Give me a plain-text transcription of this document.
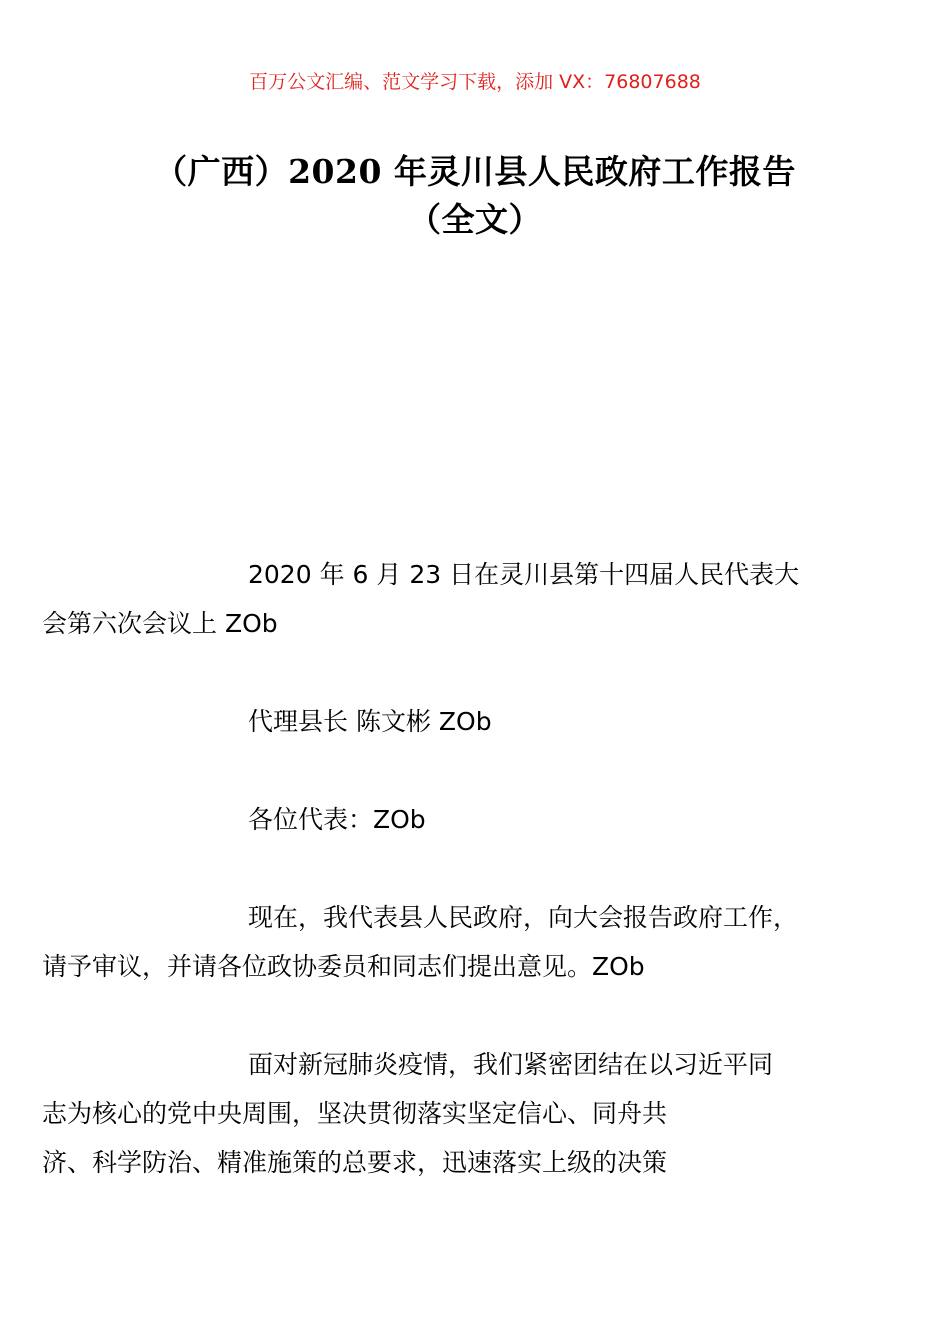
百万公文汇编、范文学习下载，添加 VX：76807688
（广西）2020 年灵川县人民政府工作报告
（全文）

2020 年 6 月 23 日在灵川县第十四届人民代表大
会第六次会议上 ZOb

代理县长 陈文彬 ZOb

各位代表：ZOb

现在，我代表县人民政府，向大会报告政府工作，
请予审议，并请各位政协委员和同志们提出意见。ZOb

面对新冠肺炎疫情，我们紧密团结在以习近平同
志为核心的党中央周围，坚决贯彻落实坚定信心、同舟共
济、科学防治、精准施策的总要求，迅速落实上级的决策
